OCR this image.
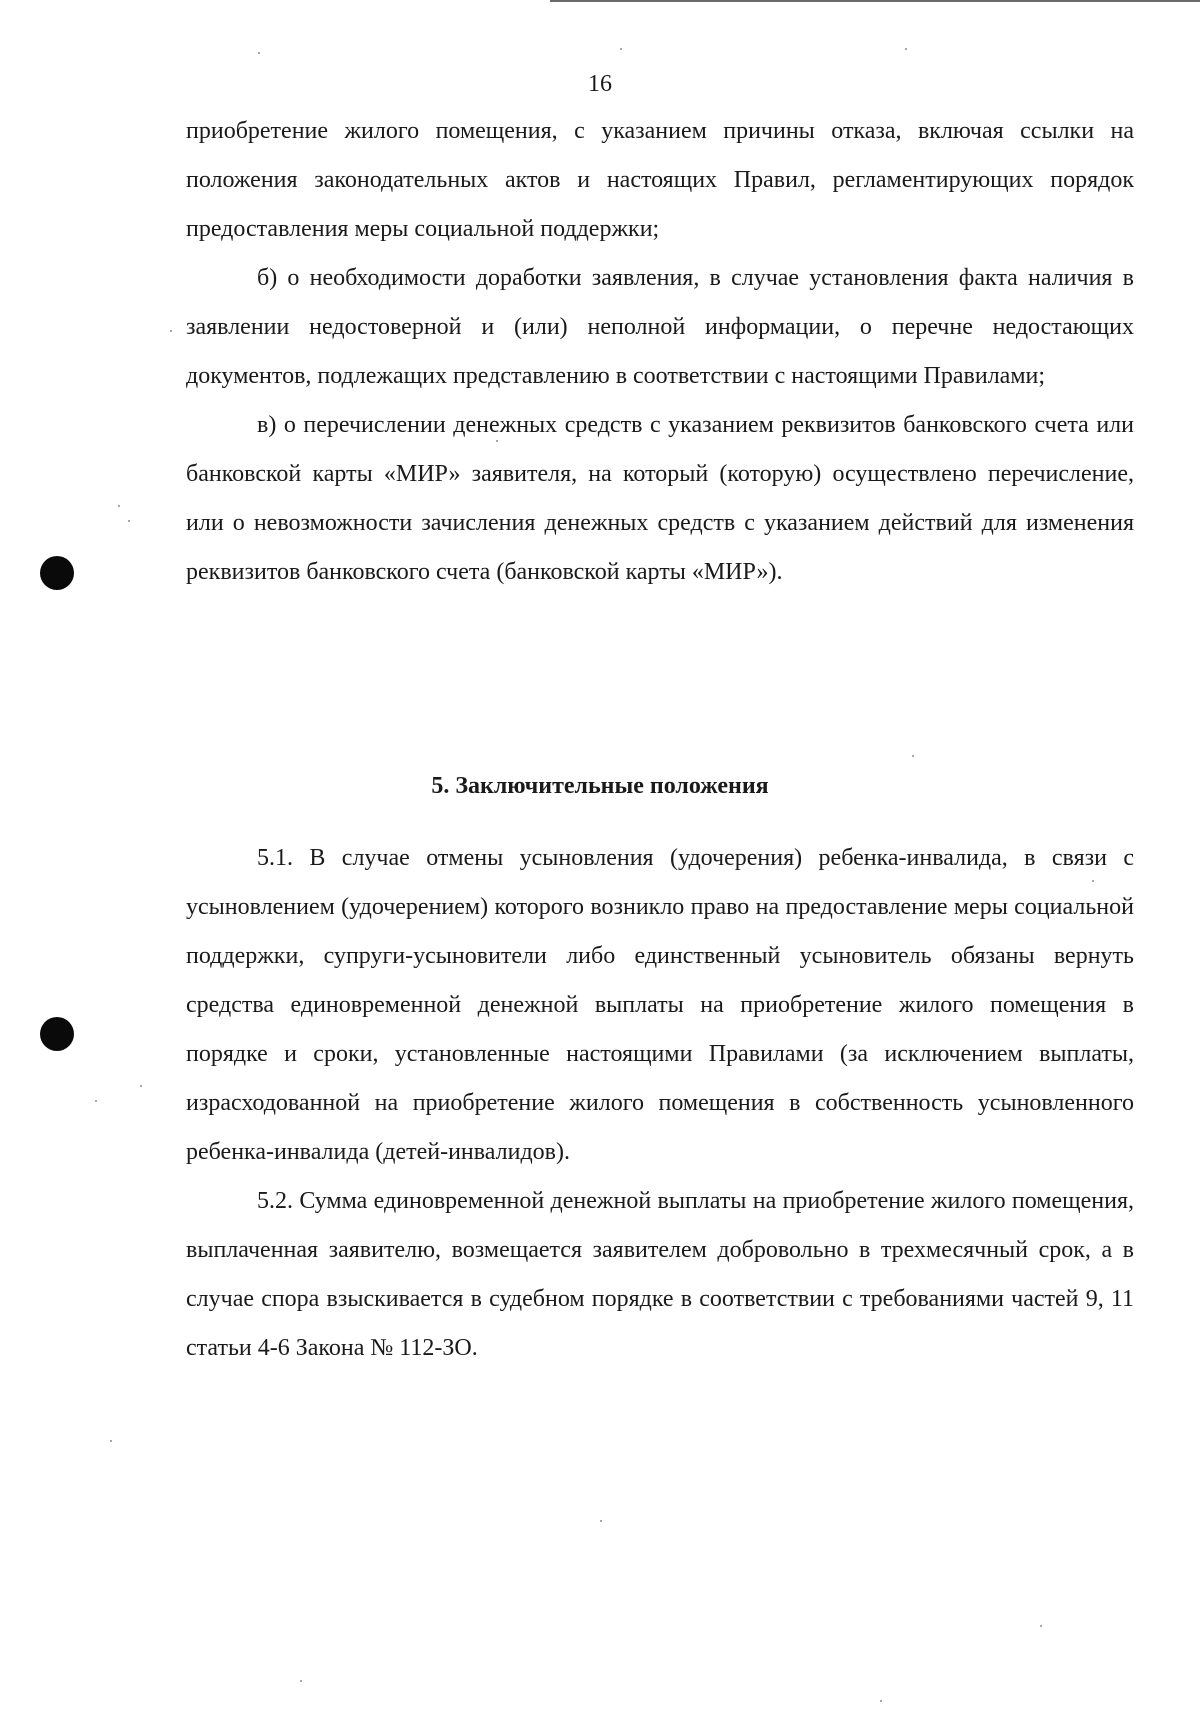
16

приобретение жилого помещения, с указанием причины отказа, включая ссылки на положения законодательных актов и настоящих Правил, регламентирующих порядок предоставления меры социальной поддержки;

б) о необходимости доработки заявления, в случае установления факта наличия в заявлении недостоверной и (или) неполной информации, о перечне недостающих документов, подлежащих представлению в соответствии с настоящими Правилами;

в) о перечислении денежных средств с указанием реквизитов банковского счета или банковской карты «МИР» заявителя, на который (которую) осуществлено перечисление, или о невозможности зачисления денежных средств с указанием действий для изменения реквизитов банковского счета (банковской карты «МИР»).

5. Заключительные положения

5.1. В случае отмены усыновления (удочерения) ребенка-инвалида, в связи с усыновлением (удочерением) которого возникло право на предоставление меры социальной поддержки, супруги-усыновители либо единственный усыновитель обязаны вернуть средства единовременной денежной выплаты на приобретение жилого помещения в порядке и сроки, установленные настоящими Правилами (за исключением выплаты, израсходованной на приобретение жилого помещения в собственность усыновленного ребенка-инвалида (детей-инвалидов).

5.2. Сумма единовременной денежной выплаты на приобретение жилого помещения, выплаченная заявителю, возмещается заявителем добровольно в трехмесячный срок, а в случае спора взыскивается в судебном порядке в соответствии с требованиями частей 9, 11 статьи 4-6 Закона № 112-ЗО.
